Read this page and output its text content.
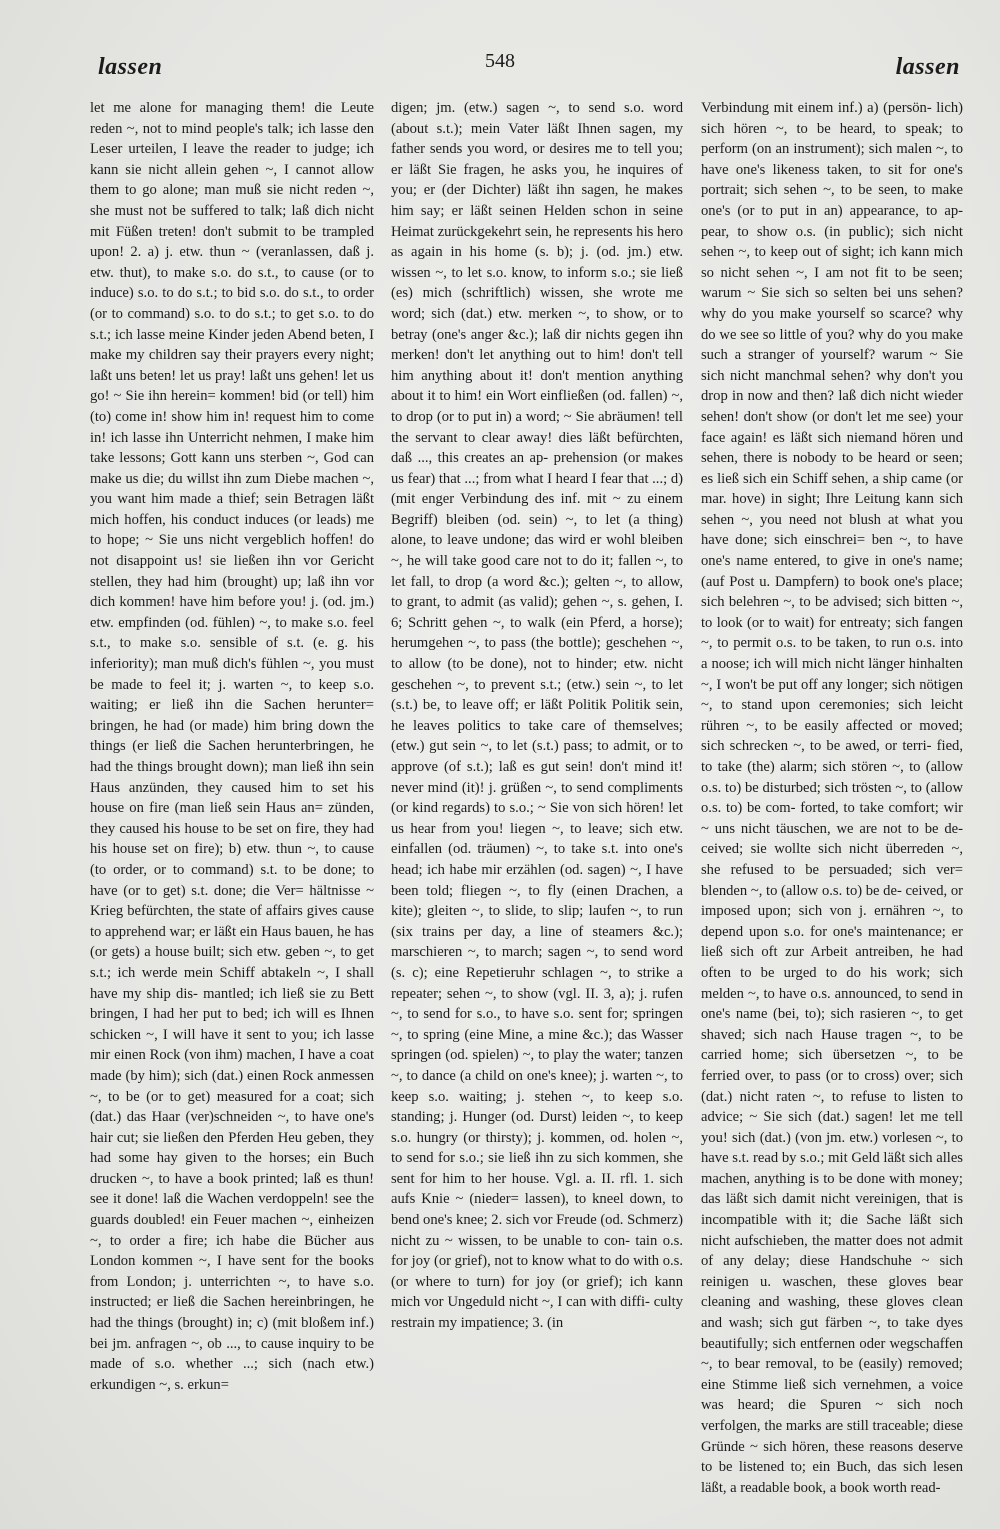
lassen	548	lassen

let me alone for managing them! die Leute reden ~, not to mind people's talk; ich lasse den Leser urteilen, I leave the reader to judge; ich kann sie nicht allein gehen ~, I cannot allow them to go alone; man muß sie nicht reden ~, she must not be suffered to talk; laß dich nicht mit Füßen treten! don't submit to be trampled upon! 2. a) j. etw. thun ~ (veranlassen, daß j. etw. thut), to make s.o. do s.t., to cause (or to induce) s.o. to do s.t.; to bid s.o. do s.t., to order (or to command) s.o. to do s.t.; to get s.o. to do s.t.; ich lasse meine Kinder jeden Abend beten, I make my children say their prayers every night; laßt uns beten! let us pray! laßt uns gehen! let us go! ~ Sie ihn herein= kommen! bid (or tell) him (to) come in! show him in! request him to come in! ich lasse ihn Unterricht nehmen, I make him take lessons; Gott kann uns sterben ~, God can make us die; du willst ihn zum Diebe machen ~, you want him made a thief; sein Betragen läßt mich hoffen, his conduct induces (or leads) me to hope; ~ Sie uns nicht vergeblich hoffen! do not disappoint us! sie ließen ihn vor Gericht stellen, they had him (brought) up; laß ihn vor dich kommen! have him before you! j. (od. jm.) etw. empfinden (od. fühlen) ~, to make s.o. feel s.t., to make s.o. sensible of s.t. (e. g. his inferiority); man muß dich's fühlen ~, you must be made to feel it; j. warten ~, to keep s.o. waiting; er ließ ihn die Sachen herunter= bringen, he had (or made) him bring down the things (er ließ die Sachen herunterbringen, he had the things brought down); man ließ ihn sein Haus anzünden, they caused him to set his house on fire (man ließ sein Haus an= zünden, they caused his house to be set on fire, they had his house set on fire); b) etw. thun ~, to cause (to order, or to command) s.t. to be done; to have (or to get) s.t. done; die Ver= hältnisse ~ Krieg befürchten, the state of affairs gives cause to apprehend war; er läßt ein Haus bauen, he has (or gets) a house built; sich etw. geben ~, to get s.t.; ich werde mein Schiff abtakeln ~, I shall have my ship dis- mantled; ich ließ sie zu Bett bringen, I had her put to bed; ich will es Ihnen schicken ~, I will have it sent to you; ich lasse mir einen Rock (von ihm) machen, I have a coat made (by him); sich (dat.) einen Rock anmessen ~, to be (or to get) measured for a coat; sich (dat.) das Haar (ver)schneiden ~, to have one's hair cut; sie ließen den Pferden Heu geben, they had some hay given to the horses; ein Buch drucken ~, to have a book printed; laß es thun! see it done! laß die Wachen verdoppeln! see the guards doubled! ein Feuer machen ~, einheizen ~, to order a fire; ich habe die Bücher aus London kommen ~, I have sent for the books from London; j. unterrichten ~, to have s.o. instructed; er ließ die Sachen hereinbringen, he had the things (brought) in; c) (mit bloßem inf.) bei jm. anfragen ~, ob ..., to cause inquiry to be made of s.o. whether ...; sich (nach etw.) erkundigen ~, s. erkun=

digen; jm. (etw.) sagen ~, to send s.o. word (about s.t.); mein Vater läßt Ihnen sagen, my father sends you word, or desires me to tell you; er läßt Sie fragen, he asks you, he inquires of you; er (der Dichter) läßt ihn sagen, he makes him say; er läßt seinen Helden schon in seine Heimat zurückgekehrt sein, he represents his hero as again in his home (s. b); j. (od. jm.) etw. wissen ~, to let s.o. know, to inform s.o.; sie ließ (es) mich (schriftlich) wissen, she wrote me word; sich (dat.) etw. merken ~, to show, or to betray (one's anger &c.); laß dir nichts gegen ihn merken! don't let anything out to him! don't tell him anything about it! don't mention anything about it to him! ein Wort einfließen (od. fallen) ~, to drop (or to put in) a word; ~ Sie abräumen! tell the servant to clear away! dies läßt befürchten, daß ..., this creates an ap- prehension (or makes us fear) that ...; from what I heard I fear that ...; d) (mit enger Verbindung des inf. mit ~ zu einem Begriff) bleiben (od. sein) ~, to let (a thing) alone, to leave undone; das wird er wohl bleiben ~, he will take good care not to do it; fallen ~, to let fall, to drop (a word &c.); gelten ~, to allow, to grant, to admit (as valid); gehen ~, s. gehen, I. 6; Schritt gehen ~, to walk (ein Pferd, a horse); herumgehen ~, to pass (the bottle); geschehen ~, to allow (to be done), not to hinder; etw. nicht geschehen ~, to prevent s.t.; (etw.) sein ~, to let (s.t.) be, to leave off; er läßt Politik Politik sein, he leaves politics to take care of themselves; (etw.) gut sein ~, to let (s.t.) pass; to admit, or to approve (of s.t.); laß es gut sein! don't mind it! never mind (it)! j. grüßen ~, to send compliments (or kind regards) to s.o.; ~ Sie von sich hören! let us hear from you! liegen ~, to leave; sich etw. einfallen (od. träumen) ~, to take s.t. into one's head; ich habe mir erzählen (od. sagen) ~, I have been told; fliegen ~, to fly (einen Drachen, a kite); gleiten ~, to slide, to slip; laufen ~, to run (six trains per day, a line of steamers &c.); marschieren ~, to march; sagen ~, to send word (s. c); eine Repetieruhr schlagen ~, to strike a repeater; sehen ~, to show (vgl. II. 3, a); j. rufen ~, to send for s.o., to have s.o. sent for; springen ~, to spring (eine Mine, a mine &c.); das Wasser springen (od. spielen) ~, to play the water; tanzen ~, to dance (a child on one's knee); j. warten ~, to keep s.o. waiting; j. stehen ~, to keep s.o. standing; j. Hunger (od. Durst) leiden ~, to keep s.o. hungry (or thirsty); j. kommen, od. holen ~, to send for s.o.; sie ließ ihn zu sich kommen, she sent for him to her house. Vgl. a. II. rfl. 1. sich aufs Knie ~ (nieder= lassen), to kneel down, to bend one's knee; 2. sich vor Freude (od. Schmerz) nicht zu ~ wissen, to be unable to con- tain o.s. for joy (or grief), not to know what to do with o.s. (or where to turn) for joy (or grief); ich kann mich vor Ungeduld nicht ~, I can with diffi- culty restrain my impatience; 3. (in

Verbindung mit einem inf.) a) (persön- lich) sich hören ~, to be heard, to speak; to perform (on an instrument); sich malen ~, to have one's likeness taken, to sit for one's portrait; sich sehen ~, to be seen, to make one's (or to put in an) appearance, to ap- pear, to show o.s. (in public); sich nicht sehen ~, to keep out of sight; ich kann mich so nicht sehen ~, I am not fit to be seen; warum ~ Sie sich so selten bei uns sehen? why do you make yourself so scarce? why do we see so little of you? why do you make such a stranger of yourself? warum ~ Sie sich nicht manchmal sehen? why don't you drop in now and then? laß dich nicht wieder sehen! don't show (or don't let me see) your face again! es läßt sich niemand hören und sehen, there is nobody to be heard or seen; es ließ sich ein Schiff sehen, a ship came (or mar. hove) in sight; Ihre Leitung kann sich sehen ~, you need not blush at what you have done; sich einschrei= ben ~, to have one's name entered, to give in one's name; (auf Post u. Dampfern) to book one's place; sich belehren ~, to be advised; sich bitten ~, to look (or to wait) for entreaty; sich fangen ~, to permit o.s. to be taken, to run o.s. into a noose; ich will mich nicht länger hinhalten ~, I won't be put off any longer; sich nötigen ~, to stand upon ceremonies; sich leicht rühren ~, to be easily affected or moved; sich schrecken ~, to be awed, or terri- fied, to take (the) alarm; sich stören ~, to (allow o.s. to) be disturbed; sich trösten ~, to (allow o.s. to) be com- forted, to take comfort; wir ~ uns nicht täuschen, we are not to be de- ceived; sie wollte sich nicht überreden ~, she refused to be persuaded; sich ver= blenden ~, to (allow o.s. to) be de- ceived, or imposed upon; sich von j. ernähren ~, to depend upon s.o. for one's maintenance; er ließ sich oft zur Arbeit antreiben, he had often to be urged to do his work; sich melden ~, to have o.s. announced, to send in one's name (bei, to); sich rasieren ~, to get shaved; sich nach Hause tragen ~, to be carried home; sich übersetzen ~, to be ferried over, to pass (or to cross) over; sich (dat.) nicht raten ~, to refuse to listen to advice; ~ Sie sich (dat.) sagen! let me tell you! sich (dat.) (von jm. etw.) vorlesen ~, to have s.t. read by s.o.; mit Geld läßt sich alles machen, anything is to be done with money; das läßt sich damit nicht vereinigen, that is incompatible with it; die Sache läßt sich nicht aufschieben, the matter does not admit of any delay; diese Handschuhe ~ sich reinigen u. waschen, these gloves bear cleaning and washing, these gloves clean and wash; sich gut färben ~, to take dyes beautifully; sich entfernen oder wegschaffen ~, to bear removal, to be (easily) removed; eine Stimme ließ sich vernehmen, a voice was heard; die Spuren ~ sich noch verfolgen, the marks are still traceable; diese Gründe ~ sich hören, these reasons deserve to be listened to; ein Buch, das sich lesen läßt, a readable book, a book worth read-
